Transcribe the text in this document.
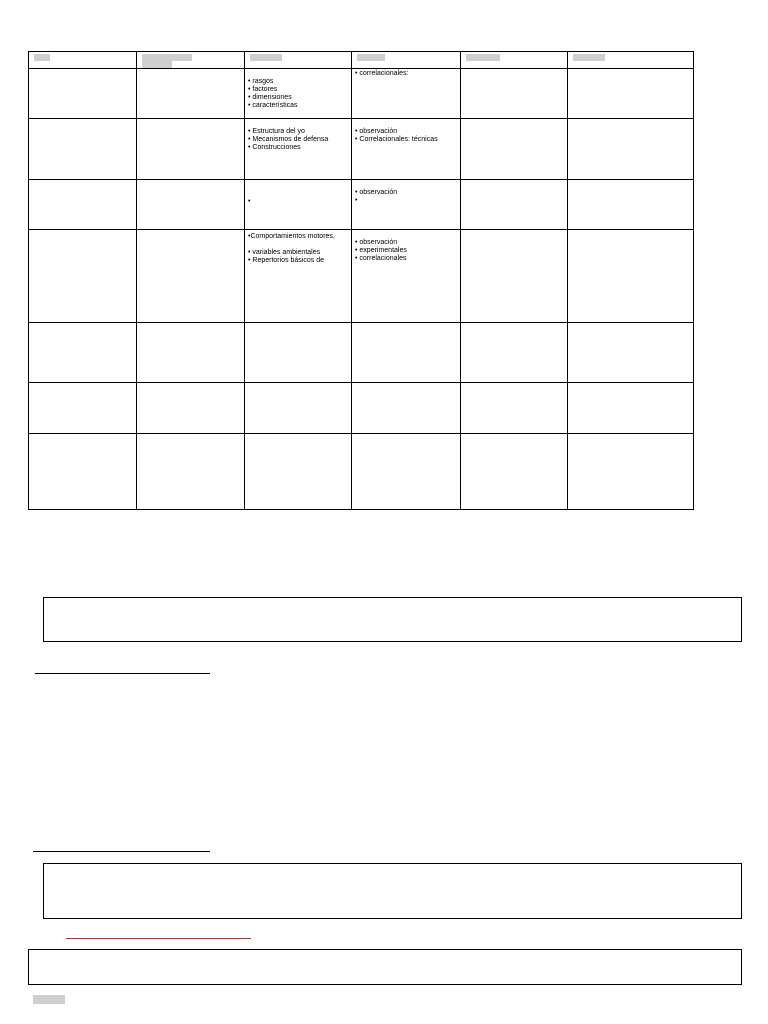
		• rasgos
• factores
• dimensiones
• características	• correlacionales:		

		• Estructura del yo
• Mecanismos de defensa
• Construcciones	• observación
• Correlacionales: técnicas		

		•	• observación
•		

		•Comportamientos motores,
• variables ambientales
• Repertorios básicos de	• observación
• experimentales
• correlacionales		
